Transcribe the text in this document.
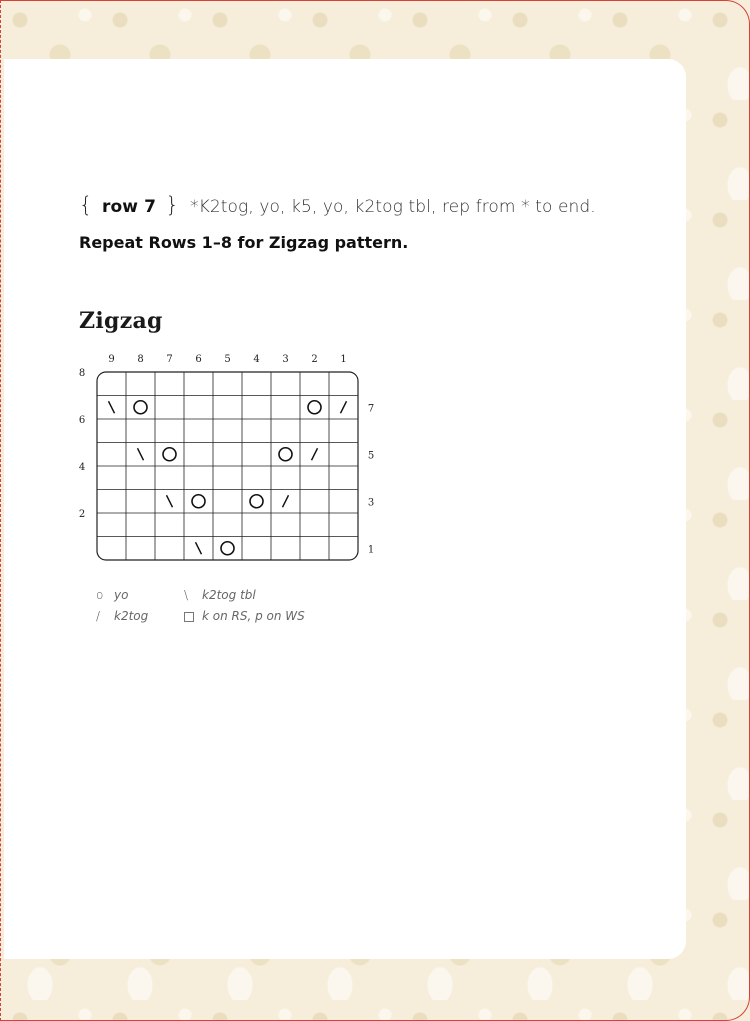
{ row 7 } *K2tog, yo, k5, yo, k2tog tbl, rep from * to end.

Repeat Rows 1–8 for Zigzag pattern.

Zigzag
9 8 7 6 5 4 3 2 1
8
7
6
5
4
3
2
1
o yo
/ k2tog
\ k2tog tbl
k on RS, p on WS
